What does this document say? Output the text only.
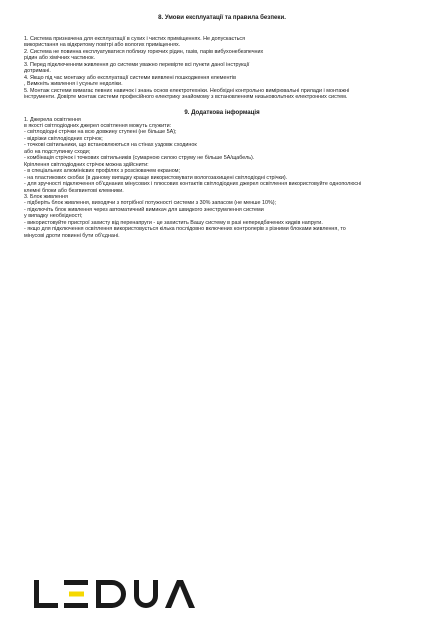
8. Умови експлуатації та правила безпеки.

1. Система призначена для експлуатації в сухих і чистих приміщеннях. Не допускається

використання на відкритому повітрі або вологих приміщеннях.

2. Система не повинна експлуатуватися поблизу горючих рідин, газів, парів вибухонебезпечних

рідин або хімічних частинок.

3. Перед підключенням живлення до системи уважно перевірте всі пункти даної інструкції

дотримані.

4. Якщо під час монтажу або експлуатації системи виявлені пошкодження елементів

, Вимкніть живлення і усуньте недоліки.

5. Монтаж системи вимагає певних навичок і знань основ електротехніки. Необхідні контрольно вимірювальні прилади і монтажні

інструменти. Довірте монтаж системи професійного електрику знайомому з встановленням низьковольтних електронних систем.

9. Додаткова інформація

1. Джерела освітлення

в якості світлодіодних джерел освітлення можуть служити:

- світлодіодні стрічки на всю довжину ступені (не більше 5А);

- відрізки світлодіодних стрічок;

- точкові світильники, що встановлюються на стінах уздовж сходинок

або на подступинку сходи;

- комбінація стрічок і точкових світильників (сумарною силою струму не більше 5А/щабель).

Кріплення світлодіодних стрічок можна здійснити:

- в спеціальних алюмінієвих профілях з розсіювачем екраном;

- на пластикових скобах (в даному випадку краще використовувати вологозахищені світлодіодні стрічки).

- для зручності підключення об'єднаних мінусових і плюсових контактів світлодіодних джерел освітлення використовуйте однополюсні

клемні блоки або безгвинтові клемники.

3. Блок живлення

- підберіть блок живлення, виходячи з потрібної потужності системи з 30% запасом (не менше 10%);

- підключіть блок живлення через автоматичний вимикач для швидкого знеструмлення системи

у випадку необхідності;

- використовуйте пристрої захисту від перенапруги - це захистить Вашу систему в разі непередбачених кидків напруги.

- якщо для підключення освітлення використовується кілька послідовно включених контролерів з різними блоками живлення, то

мінусові дроти повинні бути об'єднані.
